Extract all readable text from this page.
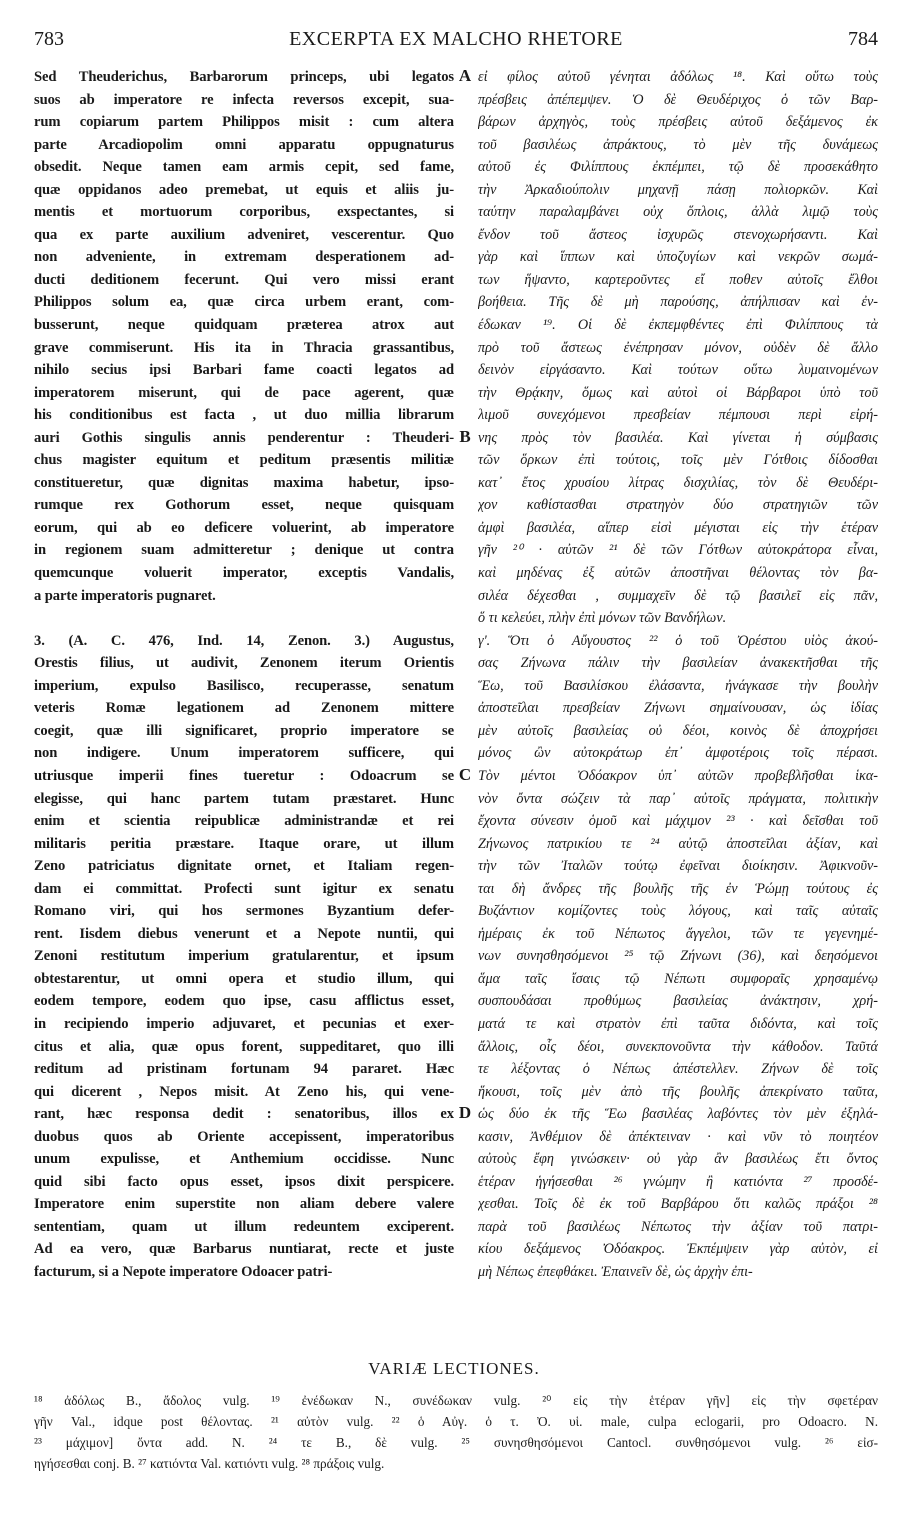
783	EXCERPTA EX MALCHO RHETORE	784
Sed Theuderichus, Barbarorum princeps, ubi legatos
suos ab imperatore re infecta reversos excepit, sua-
rum copiarum partem Philippos misit : cum altera
parte Arcadiopolim omni apparatu oppugnaturus
obsedit. Neque tamen eam armis cepit, sed fame,
quæ oppidanos adeo premebat, ut equis et aliis ju-
mentis et mortuorum corporibus, exspectantes, si
qua ex parte auxilium adveniret, vescerentur. Quo
non adveniente, in extremam desperationem ad-
ducti deditionem fecerunt. Qui vero missi erant
Philippos solum ea, quæ circa urbem erant, com-
busserunt, neque quidquam præterea atrox aut
grave commiserunt. His ita in Thracia grassantibus,
nihilo secius ipsi Barbari fame coacti legatos ad
imperatorem miserunt, qui de pace agerent, quæ
his conditionibus est facta , ut duo millia librarum
auri Gothis singulis annis penderentur : Theuderi-
chus magister equitum et peditum præsentis militiæ
constitueretur, quæ dignitas maxima habetur, ipso-
rumque rex Gothorum esset, neque quisquam
eorum, qui ab eo deficere voluerint, ab imperatore
in regionem suam admitteretur ; denique ut contra
quemcunque voluerit imperator, exceptis Vandalis,
a parte imperatoris pugnaret.
3. (A. C. 476, Ind. 14, Zenon. 3.) Augustus,
Orestis filius, ut audivit, Zenonem iterum Orientis
imperium, expulso Basilisco, recuperasse, senatum
veteris Romæ legationem ad Zenonem mittere
coegit, quæ illi significaret, proprio imperatore se
non indigere. Unum imperatorem sufficere, qui
utriusque imperii fines tueretur : Odoacrum se
elegisse, qui hanc partem tutam præstaret. Hunc
enim et scientia reipublicæ administrandæ et rei
militaris peritia præstare. Itaque orare, ut illum
Zeno patriciatus dignitate ornet, et Italiam regen-
dam ei committat. Profecti sunt igitur ex senatu
Romano viri, qui hos sermones Byzantium defer-
rent. Iisdem diebus venerunt et a Nepote nuntii, qui
Zenoni restitutum imperium gratularentur, et ipsum
obtestarentur, ut omni opera et studio illum, qui
eodem tempore, eodem quo ipse, casu afflictus esset,
in recipiendo imperio adjuvaret, et pecunias et exer-
citus et alia, quæ opus forent, suppeditaret, quo illi
reditum ad pristinam fortunam 94 pararet. Hæc
qui dicerent , Nepos misit. At Zeno his, qui vene-
rant, hæc responsa dedit : senatoribus, illos ex
duobus quos ab Oriente accepissent, imperatoribus
unum expulisse, et Anthemium occidisse. Nunc
quid sibi facto opus esset, ipsos dixit perspicere.
Imperatore enim superstite non aliam debere valere
sententiam, quam ut illum redeuntem exciperent.
Ad ea vero, quæ Barbarus nuntiarat, recte et juste
facturum, si a Nepote imperatore Odoacer patri-
εἰ φίλος αὐτοῦ γένηται ἀδόλως ¹⁸. Καὶ οὕτω τοὺς
πρέσβεις ἀπέπεμψεν. Ὁ δὲ Θευδέριχος ὁ τῶν Βαρ-
βάρων ἀρχηγὸς, τοὺς πρέσβεις αὐτοῦ δεξάμενος ἐκ
τοῦ βασιλέως ἀπράκτους, τὸ μὲν τῆς δυνάμεως
αὐτοῦ ἐς Φιλίππους ἐκπέμπει, τῷ δὲ προσεκάθητο
τὴν Ἀρκαδιούπολιν μηχανῇ πάσῃ πολιορκῶν. Καὶ
ταύτην παραλαμβάνει οὐχ ὅπλοις, ἀλλὰ λιμῷ τοὺς
ἔνδον τοῦ ἄστεος ἰσχυρῶς στενοχωρήσαντι. Καὶ
γὰρ καὶ ἵππων καὶ ὑποζυγίων καὶ νεκρῶν σωμά-
των ἥψαντο, καρτεροῦντες εἴ ποθεν αὐτοῖς ἔλθοι
βοήθεια. Τῆς δὲ μὴ παρούσης, ἀπήλπισαν καὶ ἐν-
έδωκαν ¹⁹. Οἱ δὲ ἐκπεμφθέντες ἐπὶ Φιλίππους τὰ
πρὸ τοῦ ἄστεως ἐνέπρησαν μόνον, οὐδὲν δὲ ἄλλο
δεινὸν εἰργάσαντο. Καὶ τούτων οὕτω λυμαινομένων
τὴν Θρᾴκην, ὅμως καὶ αὐτοὶ οἱ Βάρβαροι ὑπὸ τοῦ
λιμοῦ συνεχόμενοι πρεσβείαν πέμπουσι περὶ εἰρή-
νης πρὸς τὸν βασιλέα. Καὶ γίνεται ἡ σύμβασις
τῶν ὅρκων ἐπὶ τούτοις, τοῖς μὲν Γότθοις δίδοσθαι
κατ᾽ ἔτος χρυσίου λίτρας δισχιλίας, τὸν δὲ Θευδέρι-
χον καθίστασθαι στρατηγὸν δύο στρατηγιῶν τῶν
ἀμφὶ βασιλέα, αἵπερ εἰσὶ μέγισται εἰς τὴν ἑτέραν
γῆν ²⁰ · αὐτῶν ²¹ δὲ τῶν Γότθων αὐτοκράτορα εἶναι,
καὶ μηδένας ἐξ αὐτῶν ἀποστῆναι θέλοντας τὸν βα-
σιλέα δέχεσθαι , συμμαχεῖν δὲ τῷ βασιλεῖ εἰς πᾶν,
ὅ τι κελεύει, πλὴν ἐπὶ μόνων τῶν Βανδήλων.
γʹ. Ὅτι ὁ Αὔγουστος ²² ὁ τοῦ Ὀρέστου υἱὸς ἀκού-
σας Ζήνωνα πάλιν τὴν βασιλείαν ἀνακεκτῆσθαι τῆς
Ἕω, τοῦ Βασιλίσκου ἐλάσαντα, ἠνάγκασε τὴν βουλὴν
ἀποστεῖλαι πρεσβείαν Ζήνωνι σημαίνουσαν, ὡς ἰδίας
μὲν αὐτοῖς βασιλείας οὐ δέοι, κοινὸς δὲ ἀποχρήσει
μόνος ὢν αὐτοκράτωρ ἐπ᾽ ἀμφοτέροις τοῖς πέρασι.
Τὸν μέντοι Ὀδόακρον ὑπ᾽ αὐτῶν προβεβλῆσθαι ἱκα-
νὸν ὄντα σώζειν τὰ παρ᾽ αὐτοῖς πράγματα, πολιτικὴν
ἔχοντα σύνεσιν ὁμοῦ καὶ μάχιμον ²³ · καὶ δεῖσθαι τοῦ
Ζήνωνος πατρικίου τε ²⁴ αὐτῷ ἀποστεῖλαι ἀξίαν, καὶ
τὴν τῶν Ἰταλῶν τούτῳ ἐφεῖναι διοίκησιν. Ἀφικνοῦν-
ται δὴ ἄνδρες τῆς βουλῆς τῆς ἐν Ῥώμῃ τούτους ἐς
Βυζάντιον κομίζοντες τοὺς λόγους, καὶ ταῖς αὐταῖς
ἡμέραις ἐκ τοῦ Νέπωτος ἄγγελοι, τῶν τε γεγενημέ-
νων συνησθησόμενοι ²⁵ τῷ Ζήνωνι (36), καὶ δεησόμενοι
ἅμα ταῖς ἴσαις τῷ Νέπωτι συμφοραῖς χρησαμένῳ
συσπουδάσαι προθύμως βασιλείας ἀνάκτησιν, χρή-
ματά τε καὶ στρατὸν ἐπὶ ταῦτα διδόντα, καὶ τοῖς
ἄλλοις, οἷς δέοι, συνεκπονοῦντα τὴν κάθοδον. Ταῦτά
τε λέξοντας ὁ Νέπως ἀπέστελλεν. Ζήνων δὲ τοῖς
ἥκουσι, τοῖς μὲν ἀπὸ τῆς βουλῆς ἀπεκρίνατο ταῦτα,
ὡς δύο ἐκ τῆς Ἕω βασιλέας λαβόντες τὸν μὲν ἐξηλά-
κασιν, Ἀνθέμιον δὲ ἀπέκτειναν · καὶ νῦν τὸ ποιητέον
αὐτοὺς ἔφη γινώσκειν· οὐ γὰρ ἂν βασιλέως ἔτι ὄντος
ἑτέραν ἡγήσεσθαι ²⁶ γνώμην ἢ κατιόντα ²⁷ προσδέ-
χεσθαι. Τοῖς δὲ ἐκ τοῦ Βαρβάρου ὅτι καλῶς πράξοι ²⁸
παρὰ τοῦ βασιλέως Νέπωτος τὴν ἀξίαν τοῦ πατρι-
κίου δεξάμενος Ὀδόακρος. Ἐκπέμψειν γὰρ αὐτὸν, εἰ
μὴ Νέπως ἐπεφθάκει. Ἐπαινεῖν δὲ, ὡς ἀρχὴν ἐπι-
A
B
C
D
VARIÆ LECTIONES.
¹⁸ ἀδόλως B., ἄδολος vulg. ¹⁹ ἐνέδωκαν N., συνέδωκαν vulg. ²⁰ εἰς τὴν ἑτέραν γῆν] εἰς τὴν σφετέραν
γῆν Val., idque post θέλοντας. ²¹ αὐτὸν vulg. ²² ὁ Αὐγ. ὁ τ. Ὀ. υἱ. male, culpa eclogarii, pro Odoacro. N.
²³ μάχιμον] ὄντα add. N. ²⁴ τε B., δὲ vulg. ²⁵ συνησθησόμενοι Cantocl. συνθησόμενοι vulg. ²⁶ εἰσ-
ηγήσεσθαι conj. B. ²⁷ κατιόντα Val. κατιόντι vulg. ²⁸ πράξοις vulg.
